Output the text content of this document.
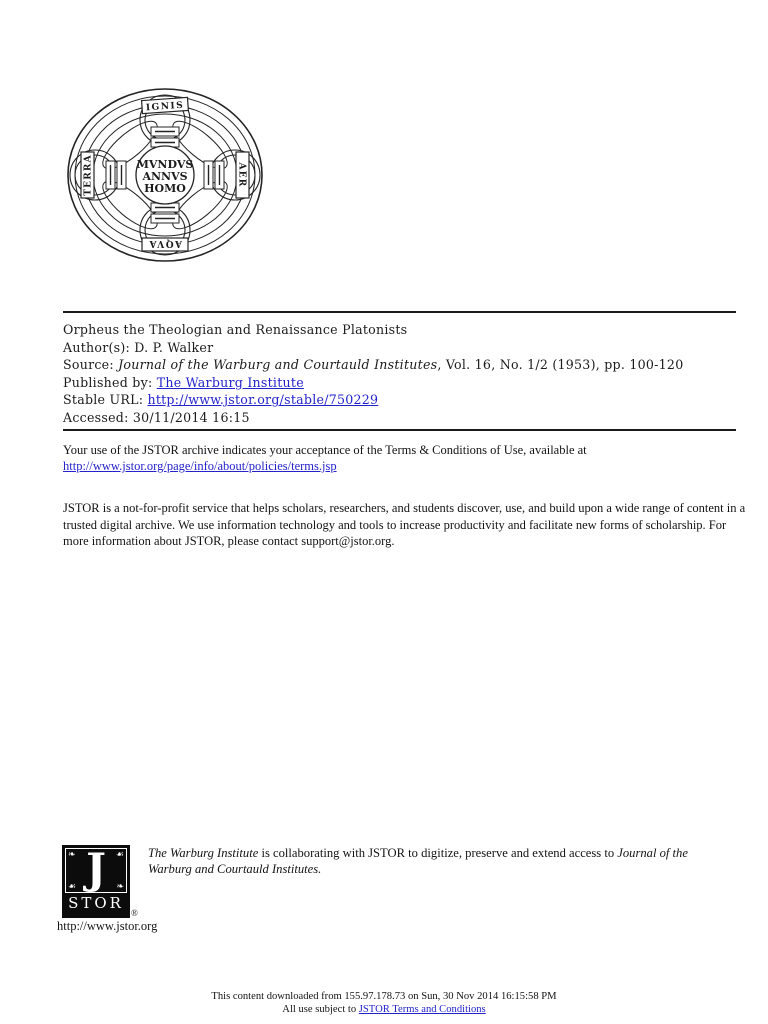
IGNIS
AQVA
TERRA	AER
MVNDVS
ANNVS
HOMO
Orpheus the Theologian and Renaissance Platonists
Author(s): D. P. Walker
Source: Journal of the Warburg and Courtauld Institutes, Vol. 16, No. 1/2 (1953), pp. 100-120
Published by: The Warburg Institute
Stable URL: http://www.jstor.org/stable/750229
Accessed: 30/11/2014 16:15
Your use of the JSTOR archive indicates your acceptance of the Terms & Conditions of Use, available at
http://www.jstor.org/page/info/about/policies/terms.jsp
JSTOR is a not-for-profit service that helps scholars, researchers, and students discover, use, and build upon a wide range of content in a trusted digital archive. We use information technology and tools to increase productivity and facilitate new forms of scholarship. For more information about JSTOR, please contact support@jstor.org.
❧	☙
☙	❧
J
STOR
®
http://www.jstor.org
The Warburg Institute is collaborating with JSTOR to digitize, preserve and extend access to Journal of the Warburg and Courtauld Institutes.
This content downloaded from 155.97.178.73 on Sun, 30 Nov 2014 16:15:58 PM
All use subject to JSTOR Terms and Conditions
